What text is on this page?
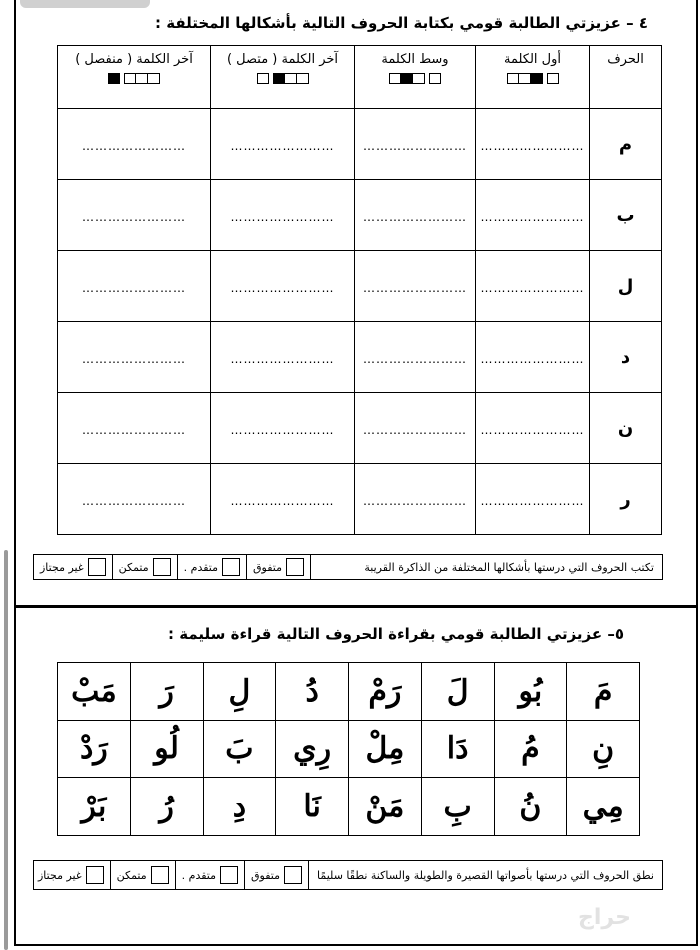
٤ – عزيزتي الطالبة قومي بكتابة الحروف التالية بأشكالها المختلفة :
الحرف	أول الكلمة	وسط الكلمة	آخر الكلمة ( متصل )	آخر الكلمة ( منفصل )

م	……………………	……………………	……………………	……………………
ب	……………………	……………………	……………………	……………………
ل	……………………	……………………	……………………	……………………
د	……………………	……………………	……………………	……………………
ن	……………………	……………………	……………………	……………………
ر	……………………	……………………	……………………	……………………
تكتب الحروف التي درستها بأشكالها المختلفة من الذاكرة القريبة
متفوق
متقدم .
متمكن
غير مجتاز
٥– عزيزتي الطالبة قومي بقراءة الحروف التالية قراءة سليمة :
مَ	بُو	لَ	رَمْ	دُ	لِ	رَ	مَبْ
نِ	مُ	دَا	مِلْ	رِي	بَ	لُو	رَدْ
مِي	نُ	بِ	مَنْ	نَا	دِ	رُ	بَرْ
نطق الحروف التي درستها بأصواتها القصيرة والطويلة والساكنة نطقًا سليمًا
متفوق
متقدم .
متمكن
غير مجتاز
حراج
